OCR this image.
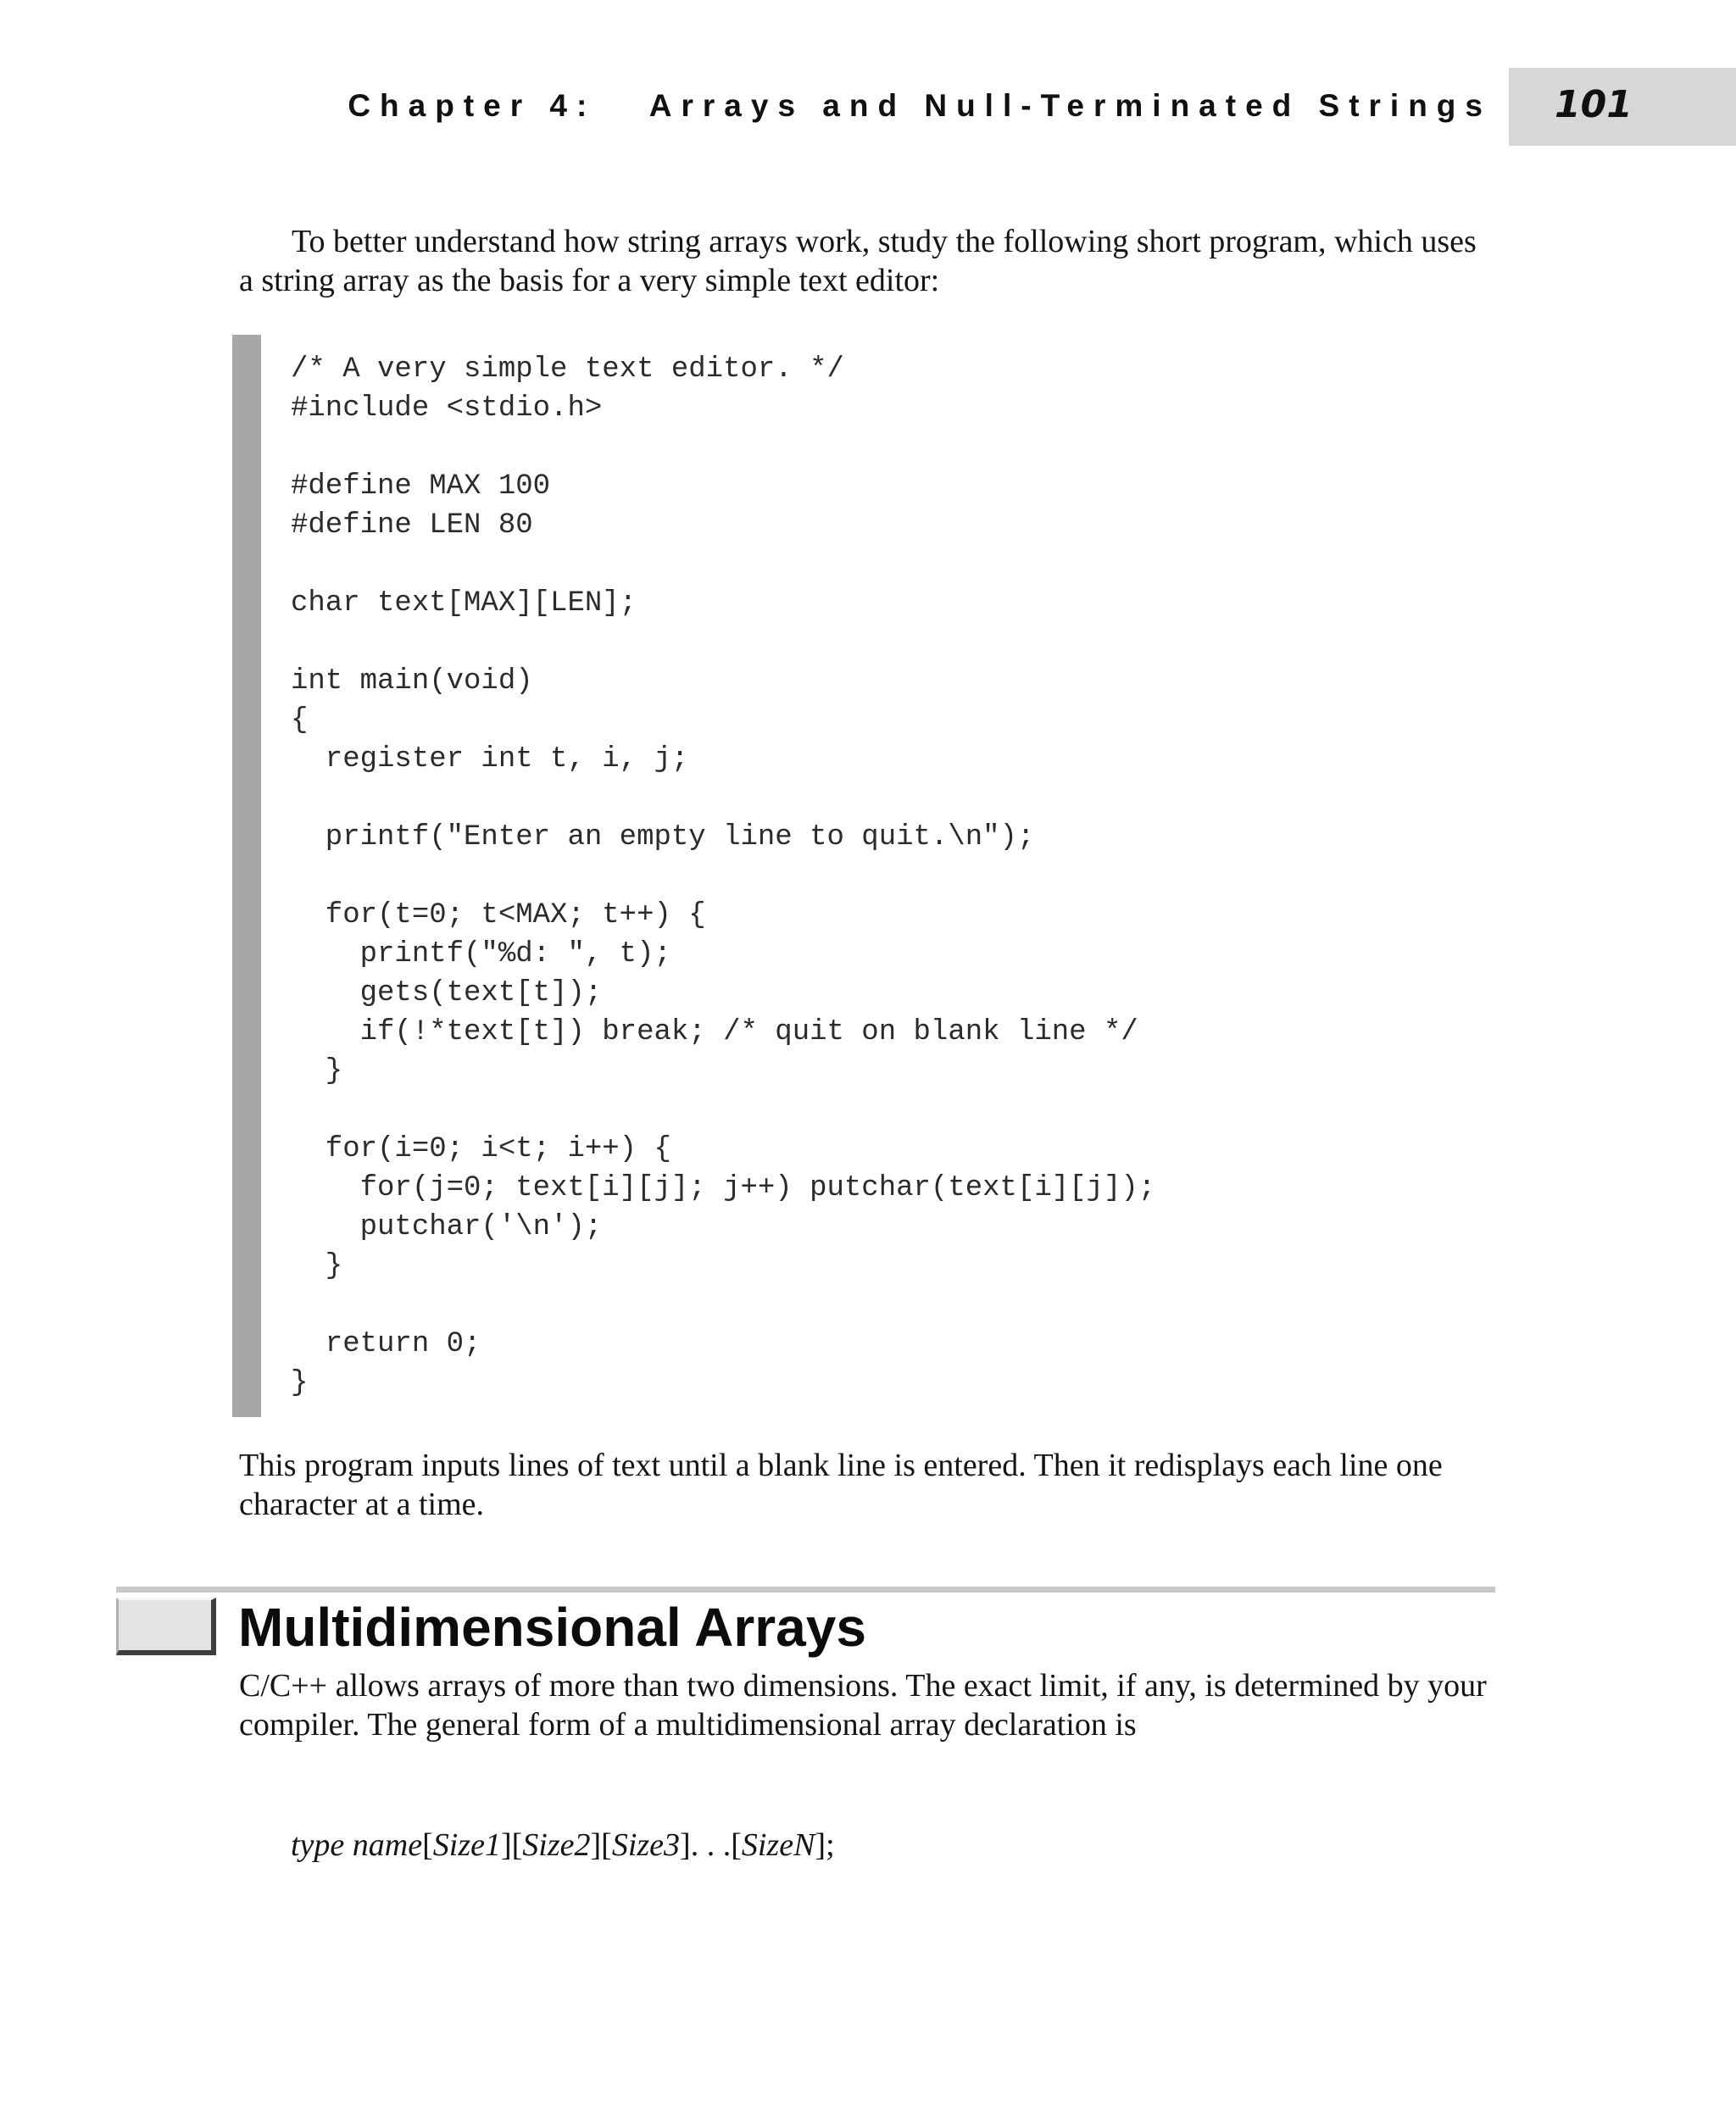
Chapter 4:   Arrays and Null-Terminated Strings 101

To better understand how string arrays work, study the following short program, which uses a string array as the basis for a very simple text editor:

/* A very simple text editor. */
#include <stdio.h>

#define MAX 100
#define LEN 80

char text[MAX][LEN];

int main(void)
{
register int t, i, j;

printf("Enter an empty line to quit.\n");

for(t=0; t<MAX; t++) {
printf("%d: ", t);
gets(text[t]);
if(!*text[t]) break; /* quit on blank line */
}

for(i=0; i<t; i++) {
for(j=0; text[i][j]; j++) putchar(text[i][j]);
putchar('\n');
}

return 0;
}

This program inputs lines of text until a blank line is entered. Then it redisplays each line one character at a time.

Multidimensional Arrays

C/C++ allows arrays of more than two dimensions. The exact limit, if any, is determined by your compiler. The general form of a multidimensional array declaration is

type name[Size1][Size2][Size3]. . .[SizeN];
